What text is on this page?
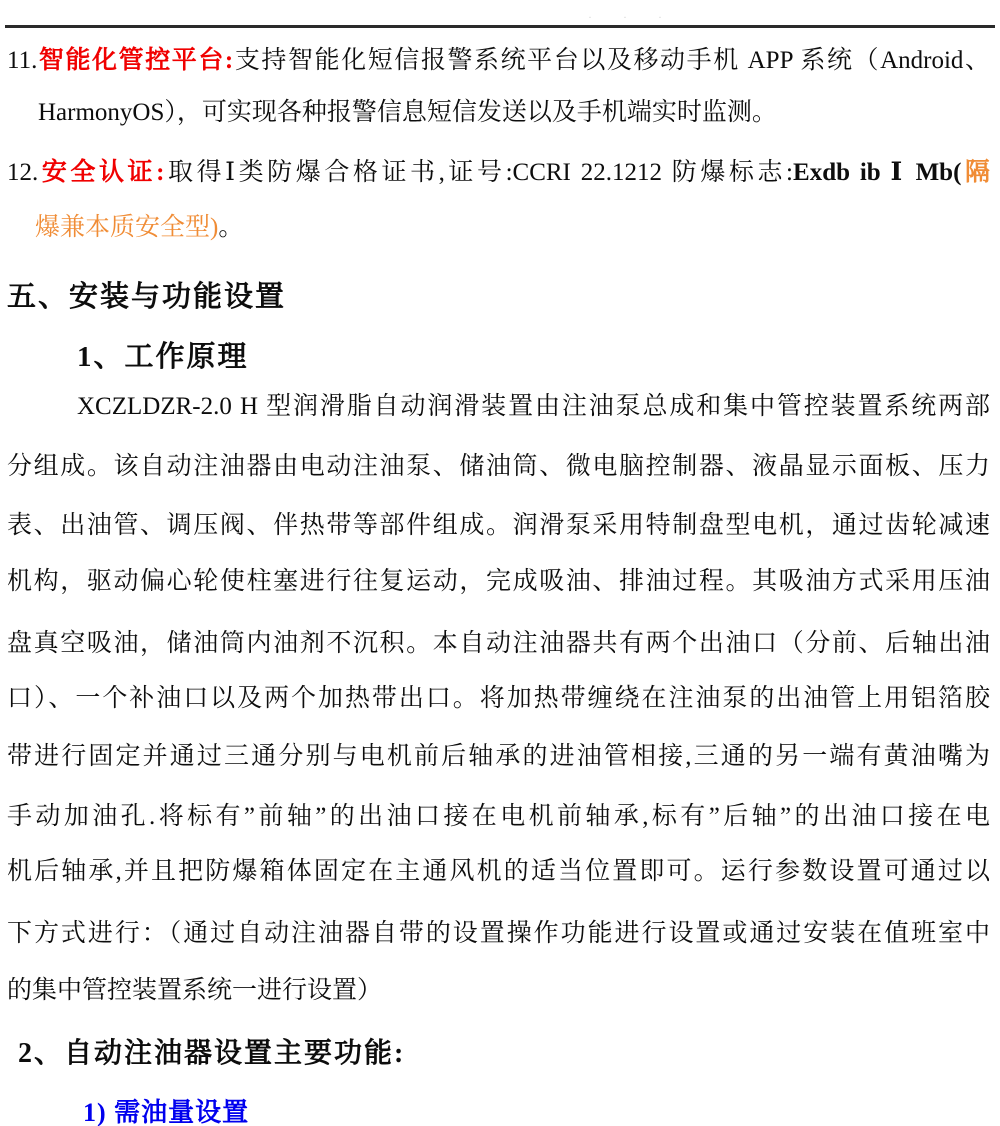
· · ·
11.智能化管控平台:支持智能化短信报警系统平台以及移动手机 APP 系统（Android、
HarmonyOS），可实现各种报警信息短信发送以及手机端实时监测。
12.安全认证:取得Ⅰ类防爆合格证书,证号:CCRI 22.1212 防爆标志:Exdb ib Ⅰ Mb(隔
爆兼本质安全型)。
五、安装与功能设置
1、工作原理
XCZLDZR-2.0 H 型润滑脂自动润滑装置由注油泵总成和集中管控装置系统两部
分组成。该自动注油器由电动注油泵、储油筒、微电脑控制器、液晶显示面板、压力
表、出油管、调压阀、伴热带等部件组成。润滑泵采用特制盘型电机，通过齿轮减速
机构，驱动偏心轮使柱塞进行往复运动，完成吸油、排油过程。其吸油方式采用压油
盘真空吸油，储油筒内油剂不沉积。本自动注油器共有两个出油口（分前、后轴出油
口）、一个补油口以及两个加热带出口。将加热带缠绕在注油泵的出油管上用铝箔胶
带进行固定并通过三通分别与电机前后轴承的进油管相接,三通的另一端有黄油嘴为
手动加油孔.将标有”前轴”的出油口接在电机前轴承,标有”后轴”的出油口接在电
机后轴承,并且把防爆箱体固定在主通风机的适当位置即可。运行参数设置可通过以
下方式进行：（通过自动注油器自带的设置操作功能进行设置或通过安装在值班室中
的集中管控装置系统一进行设置）
2、自动注油器设置主要功能:
1) 需油量设置
